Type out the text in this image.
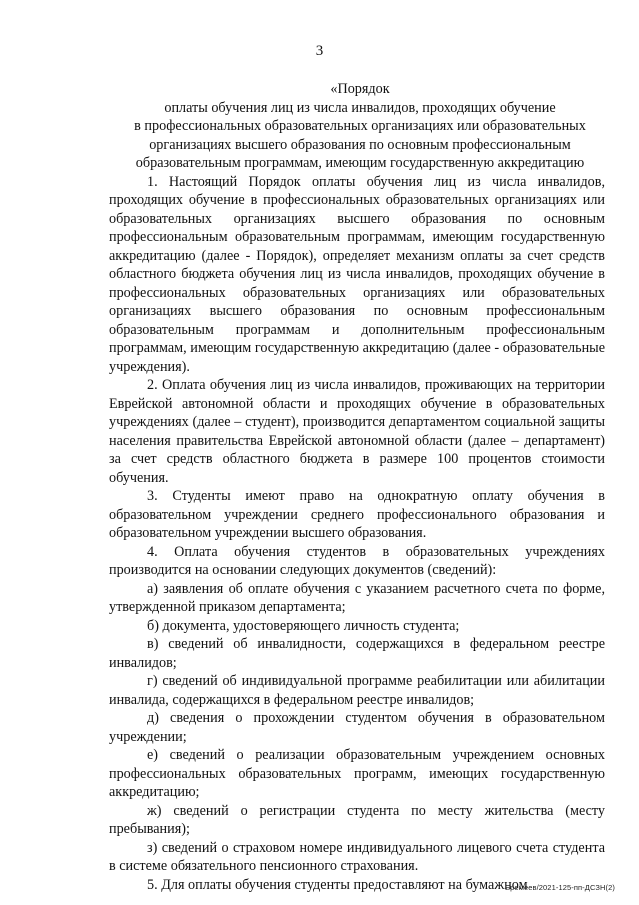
3
«Порядок
оплаты обучения лиц из числа инвалидов, проходящих обучение
в профессиональных образовательных организациях или образовательных
организациях высшего образования по основным профессиональным
образовательным программам, имеющим государственную аккредитацию

1. Настоящий Порядок оплаты обучения лиц из числа инвалидов, проходящих обучение в профессиональных образовательных организациях или образовательных организациях высшего образования по основным профессиональным образовательным программам, имеющим государственную аккредитацию (далее - Порядок), определяет механизм оплаты за счет средств областного бюджета обучения лиц из числа инвалидов, проходящих обучение в профессиональных образовательных организациях или образовательных организациях высшего образования по основным профессиональным образовательным программам и дополнительным профессиональным программам, имеющим государственную аккредитацию (далее - образовательные учреждения).

2. Оплата обучения лиц из числа инвалидов, проживающих на территории Еврейской автономной области и проходящих обучение в образовательных учреждениях (далее – студент), производится департаментом социальной защиты населения правительства Еврейской автономной области (далее – департамент) за счет средств областного бюджета в размере 100 процентов стоимости обучения.

3. Студенты имеют право на однократную оплату обучения в образовательном учреждении среднего профессионального образования и образовательном учреждении высшего образования.

4. Оплата обучения студентов в образовательных учреждениях производится на основании следующих документов (сведений):

а) заявления об оплате обучения с указанием расчетного счета по форме, утвержденной приказом департамента;

б) документа, удостоверяющего личность студента;

в) сведений об инвалидности, содержащихся в федеральном реестре инвалидов;

г) сведений об индивидуальной программе реабилитации или абилитации инвалида, содержащихся в федеральном реестре инвалидов;

д) сведения о прохождении студентом обучения в образовательном учреждении;

е) сведений о реализации образовательным учреждением основных профессиональных образовательных программ, имеющих государственную аккредитацию;

ж) сведений о регистрации студента по месту жительства (месту пребывания);

з) сведений о страховом номере индивидуального лицевого счета студента в системе обязательного пенсионного страхования.

5. Для оплаты обучения студенты предоставляют на бумажном

Еремеев/2021-125-пп-ДСЗН(2)
